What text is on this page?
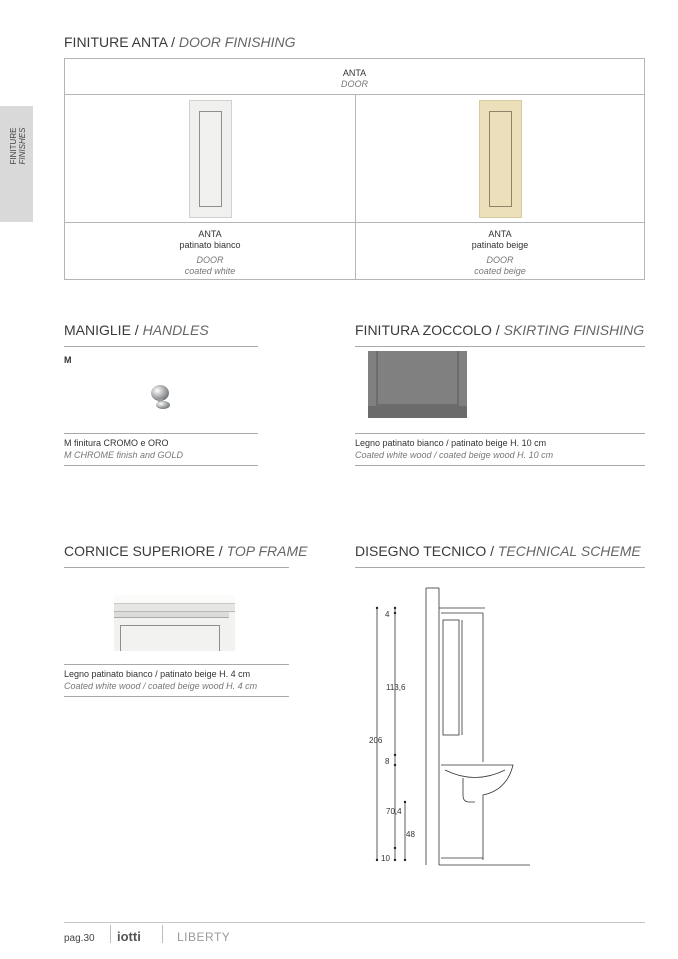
FINITURE ANTA / DOOR FINISHING
ANTA
DOOR
ANTA
patinato bianco
DOOR
coated white
ANTA
patinato beige
DOOR
coated beige
FINITURE FINISHES
MANIGLIE / HANDLES
M
M finitura CROMO e ORO
M CHROME finish and GOLD
FINITURA ZOCCOLO / SKIRTING FINISHING
Legno patinato bianco / patinato beige H. 10 cm
Coated white wood / coated beige wood H. 10 cm
CORNICE SUPERIORE / TOP FRAME
Legno patinato bianco / patinato beige H. 4 cm
Coated white wood / coated beige wood H. 4 cm
DISEGNO TECNICO / TECHNICAL SCHEME
4
113,6
206
8
70,4
48
10
pag.30 iotti	LIBERTY
